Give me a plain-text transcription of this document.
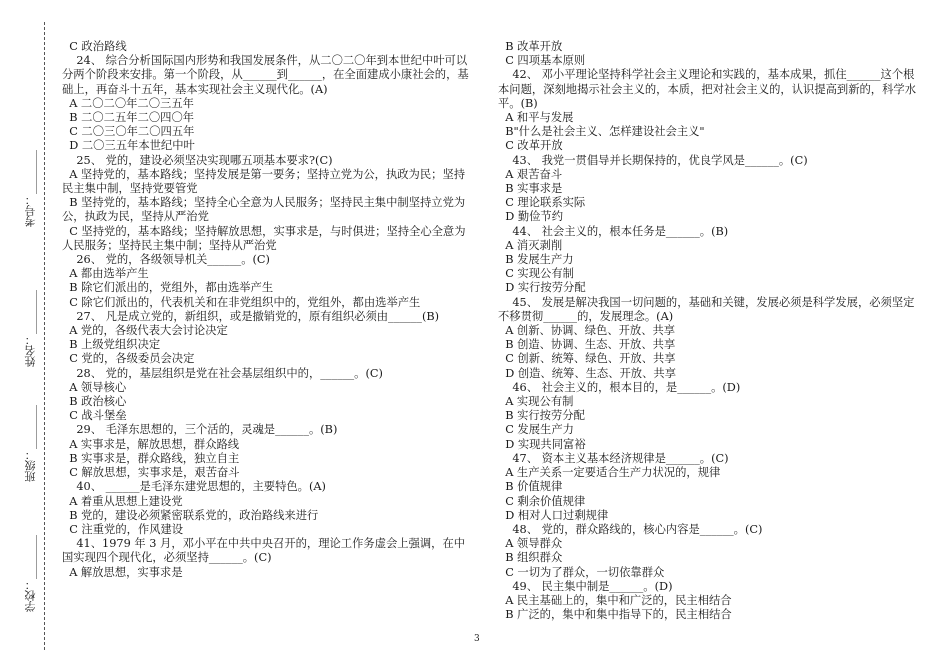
考号：________
姓名：________
班级：________
学校：________
C 政治路线
24、 综合分析国际国内形势和我国发展条件，从二〇二〇年到本世纪中叶可以分两个阶段来安排。第一个阶段，从______到______，在全面建成小康社会的，基础上，再奋斗十五年，基本实现社会主义现代化。(A)
A 二〇二〇年二〇三五年
B 二〇二五年二〇四〇年
C 二〇三〇年二〇四五年
D 二〇三五年本世纪中叶
25、 党的，建设必须坚决实现哪五项基本要求?(C)
A 坚持党的，基本路线；坚持发展是第一要务；坚持立党为公，执政为民；坚持民主集中制，坚持党要管党
B 坚持党的，基本路线；坚持全心全意为人民服务；坚持民主集中制坚持立党为公，执政为民，坚持从严治党
C 坚持党的，基本路线；坚持解放思想，实事求是，与时俱进；坚持全心全意为人民服务；坚持民主集中制；坚持从严治党
26、 党的，各级领导机关______。(C)
A 都由选举产生
B 除它们派出的，党组外，都由选举产生
C 除它们派出的，代表机关和在非党组织中的，党组外，都由选举产生
27、 凡是成立党的，新组织，或是撤销党的，原有组织必须由______(B)
A 党的，各级代表大会讨论决定
B 上级党组织决定
C 党的，各级委员会决定
28、 党的，基层组织是党在社会基层组织中的，______。(C)
A 领导核心
B 政治核心
C 战斗堡垒
29、 毛泽东思想的，三个活的，灵魂是______。(B)
A 实事求是，解放思想，群众路线
B 实事求是，群众路线，独立自主
C 解放思想，实事求是，艰苦奋斗
40、 ______是毛泽东建党思想的，主要特色。(A)
A 着重从思想上建设党
B 党的，建设必须紧密联系党的，政治路线来进行
C 注重党的，作风建设
41、1979 年 3 月，邓小平在中共中央召开的，理论工作务虚会上强调，在中国实现四个现代化，必须坚持______。(C)
A 解放思想，实事求是
B 改革开放
C 四项基本原则
42、 邓小平理论坚持科学社会主义理论和实践的，基本成果，抓住______这个根本问题，深刻地揭示社会主义的，本质，把对社会主义的，认识提高到新的，科学水平。(B)
A 和平与发展
B"什么是社会主义、怎样建设社会主义"
C 改革开放
43、 我党一贯倡导并长期保持的，优良学风是______。(C)
A 艰苦奋斗
B 实事求是
C 理论联系实际
D 勤俭节约
44、 社会主义的，根本任务是______。(B)
A 消灭剥削
B 发展生产力
C 实现公有制
D 实行按劳分配
45、 发展是解决我国一切问题的，基础和关键，发展必须是科学发展，必须坚定不移贯彻______的，发展理念。(A)
A 创新、协调、绿色、开放、共享
B 创造、协调、生态、开放、共享
C 创新、统筹、绿色、开放、共享
D 创造、统筹、生态、开放、共享
46、 社会主义的，根本目的，是______。(D)
A 实现公有制
B 实行按劳分配
C 发展生产力
D 实现共同富裕
47、 资本主义基本经济规律是______。(C)
A 生产关系一定要适合生产力状况的，规律
B 价值规律
C 剩余价值规律
D 相对人口过剩规律
48、 党的，群众路线的，核心内容是______。(C)
A 领导群众
B 组织群众
C 一切为了群众，一切依靠群众
49、 民主集中制是______。(D)
A 民主基础上的，集中和广泛的，民主相结合
B 广泛的，集中和集中指导下的，民主相结合
3
